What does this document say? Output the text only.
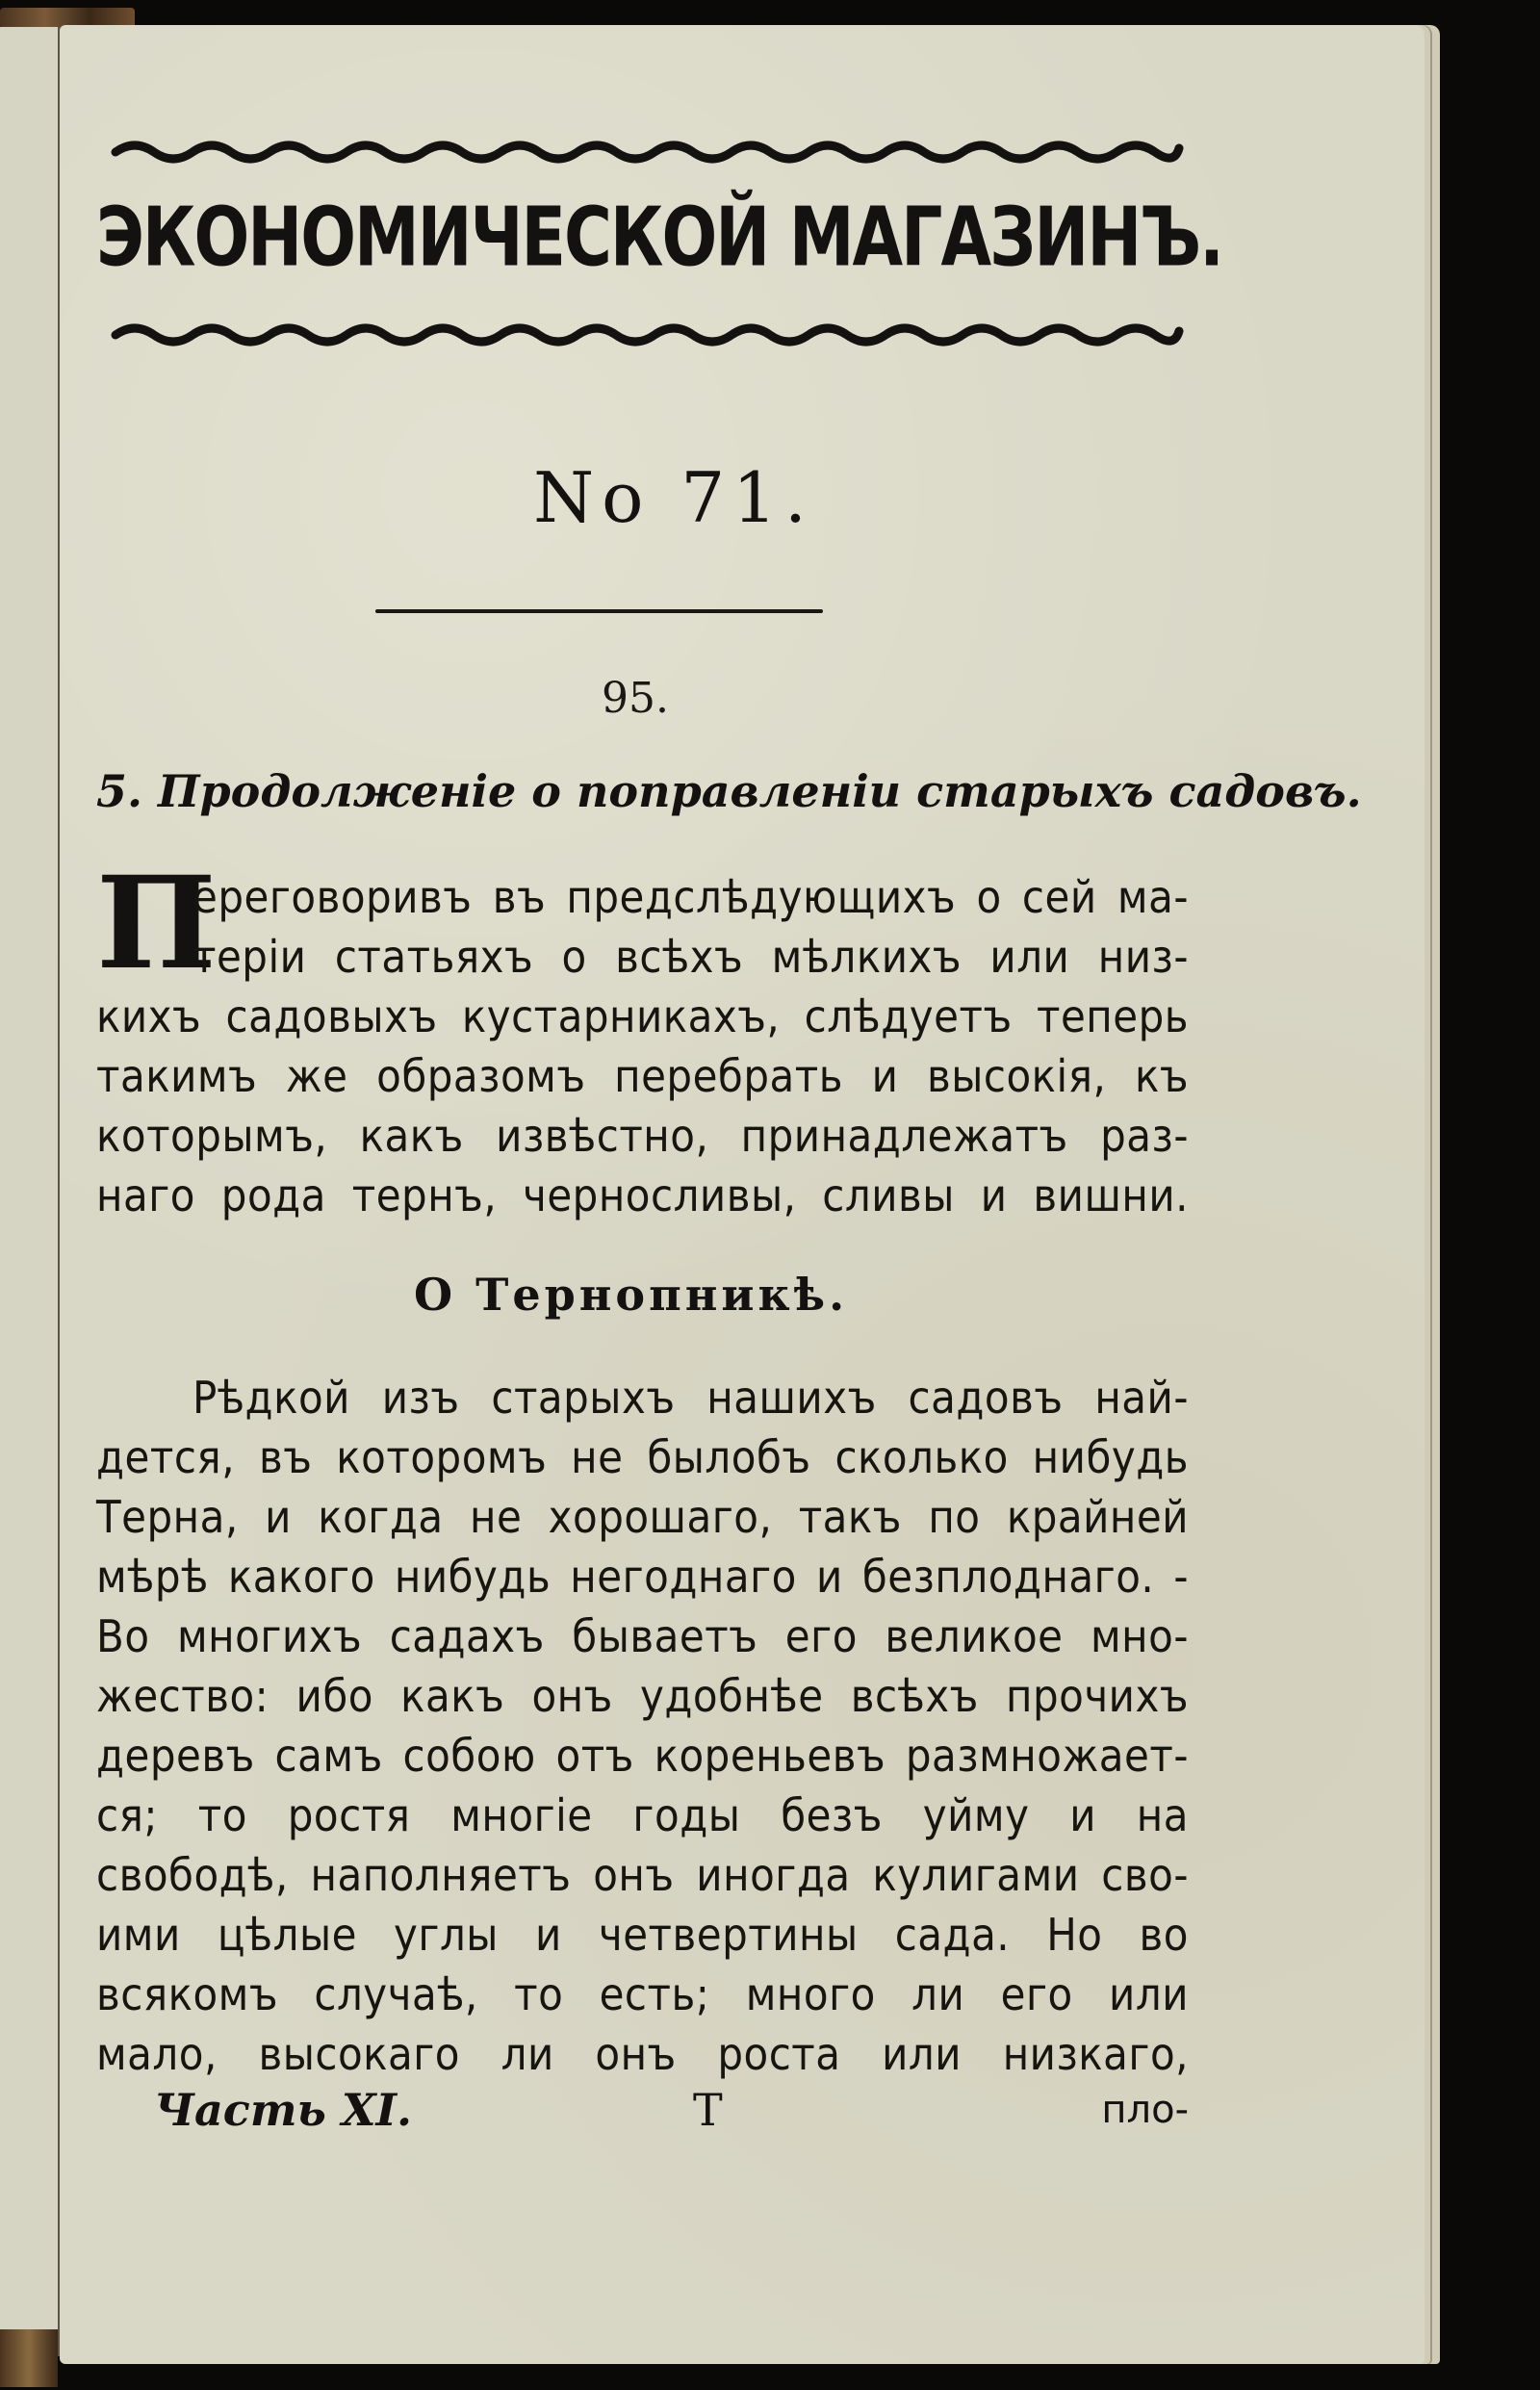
ЭКОНОМИЧЕСКОЙ МАГАЗИНЪ.
No 71.
95.
5. Продолженіе о поправленіи старыхъ садовъ.
П
ереговоривъ въ предслѣдующихъ о сей ма-
теріи статьяхъ о всѣхъ мѣлкихъ или низ-
кихъ садовыхъ кустарникахъ, слѣдуетъ теперь
такимъ же образомъ перебрать и высокія, къ
которымъ, какъ извѣстно, принадлежатъ раз-
наго рода тернъ, черносливы, сливы и вишни.
О Тернопникѣ.
Рѣдкой изъ старыхъ нашихъ садовъ най-
дется, въ которомъ не былобъ сколько нибудь
Терна, и когда не хорошаго, такъ по крайней
мѣрѣ какого нибудь негоднаго и безплоднаго. -
Во многихъ садахъ бываетъ его великое мно-
жество: ибо какъ онъ удобнѣе всѣхъ прочихъ
деревъ самъ собою отъ кореньевъ размножает-
ся; то ростя многіе годы безъ уйму и на
свободѣ, наполняетъ онъ иногда кулигами сво-
ими цѣлые углы и четвертины сада. Но во
всякомъ случаѣ, то есть; много ли его или
мало, высокаго ли онъ роста или низкаго,
Часть XI.	Т	пло-
